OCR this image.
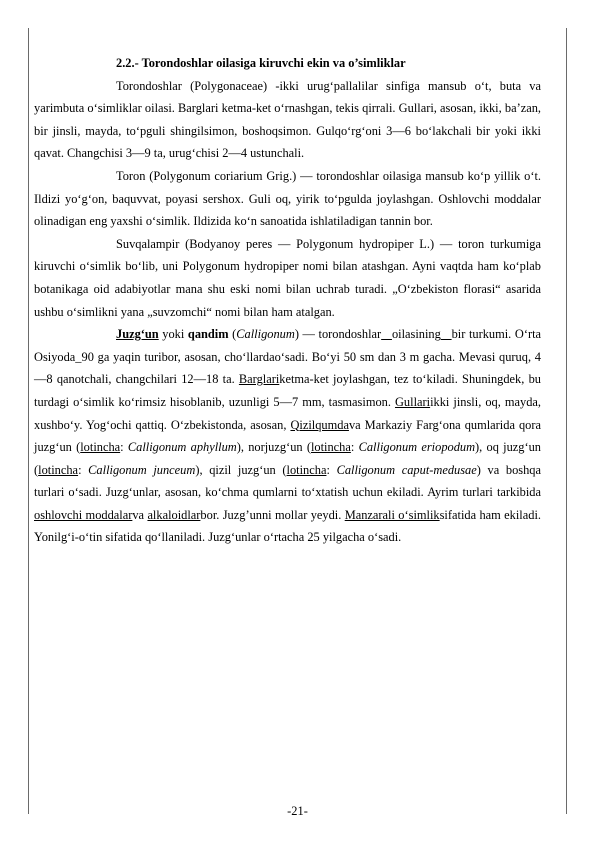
2.2.- Torondoshlar oilasiga kiruvchi ekin va o’simliklar

Torondoshlar (Polygonaceae) -ikki urug‘pallalilar sinfiga mansub o‘t, buta va yarimbuta o‘simliklar oilasi. Barglari ketma-ket o‘rnashgan, tekis qirrali. Gullari, asosan, ikki, ba’zan, bir jinsli, mayda, to‘pguli shingilsimon, boshoqsimon. Gulqo‘rg‘oni 3—6 bo‘lakchali bir yoki ikki qavat. Changchisi 3—9 ta, urug‘chisi 2—4 ustunchali.

Toron (Polygonum coriarium Grig.) — torondoshlar oilasiga mansub ko‘p yillik o‘t. Ildizi yo‘g‘on, baquvvat, poyasi sershox. Guli oq, yirik to‘pgulda joylashgan. Oshlovchi moddalar olinadigan eng yaxshi o‘simlik. Ildizida ko‘n sanoatida ishlatiladigan tannin bor.

Suvqalampir (Bodyanoy peres — Polygonum hydropiper L.) — toron turkumiga kiruvchi o‘simlik bo‘lib, uni Polygonum hydropiper nomi bilan atashgan. Ayni vaqtda ham ko‘plab botanikaga oid adabiyotlar mana shu eski nomi bilan uchrab turadi. „O‘zbekiston florasi“ asarida ushbu o‘simlikni yana „suvzomchi“ nomi bilan ham atalgan.

Juzg‘un yoki qandim (Calligonum) — torondoshlar oilasining bir turkumi. O‘rta Osiyoda_90 ga yaqin turibor, asosan, cho‘llardao‘sadi. Bo‘yi 50 sm dan 3 m gacha. Mevasi quruq, 4—8 qanotchali, changchilari 12—18 ta. Barglariketma-ket joylashgan, tez to‘kiladi. Shuningdek, bu turdagi o‘simlik ko‘rimsiz hisoblanib, uzunligi 5—7 mm, tasmasimon. Gullariikki jinsli, oq, mayda, xushbo‘y. Yog‘ochi qattiq. O‘zbekistonda, asosan, Qizilqumdava Markaziy Farg‘ona qumlarida qora juzg‘un (lotincha: Calligonum aphyllum), norjuzg‘un (lotincha: Calligonum eriopodum), oq juzg‘un (lotincha: Calligonum junceum), qizil juzg‘un (lotincha: Calligonum caput-medusae) va boshqa turlari o‘sadi. Juzg‘unlar, asosan, ko‘chma qumlarni to‘xtatish uchun ekiladi. Ayrim turlari tarkibida oshlovchi moddalarva alkaloidlarbor. Juzg’unni mollar yeydi. Manzarali o‘simliksifatida ham ekiladi. Yonilg‘i-o‘tin sifatida qo‘llaniladi. Juzg‘unlar o‘rtacha 25 yilgacha o‘sadi.

-21-
